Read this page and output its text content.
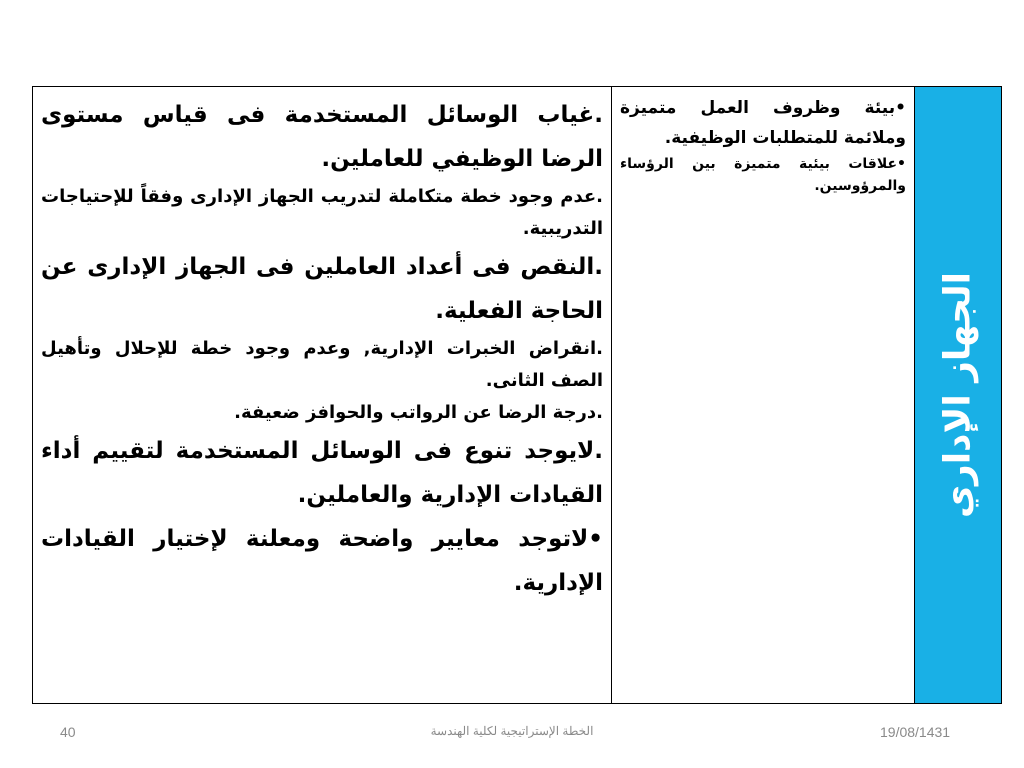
الجهاز الإداري

•بيئة وظروف العمل متميزة وملائمة للمتطلبات الوظيفية.

•علاقات بيئية متميزة بين الرؤساء والمرؤوسين.

.غياب الوسائل المستخدمة فى قياس مستوى الرضا الوظيفي للعاملين.

.عدم وجود خطة متكاملة لتدريب الجهاز الإدارى وفقاً للإحتياجات التدريبية.

.النقص فى أعداد العاملين فى الجهاز الإدارى عن الحاجة الفعلية.

.انقراض الخبرات الإدارية, وعدم وجود خطة للإحلال وتأهيل الصف الثانى.

.درجة الرضا عن الرواتب والحوافز ضعيفة.

.لايوجد تنوع فى الوسائل المستخدمة لتقييم أداء القيادات الإدارية والعاملين.

•لاتوجد معايير واضحة ومعلنة لإختيار القيادات الإدارية.

40	الخطة الإستراتيجية لكلية الهندسة	19/08/1431
